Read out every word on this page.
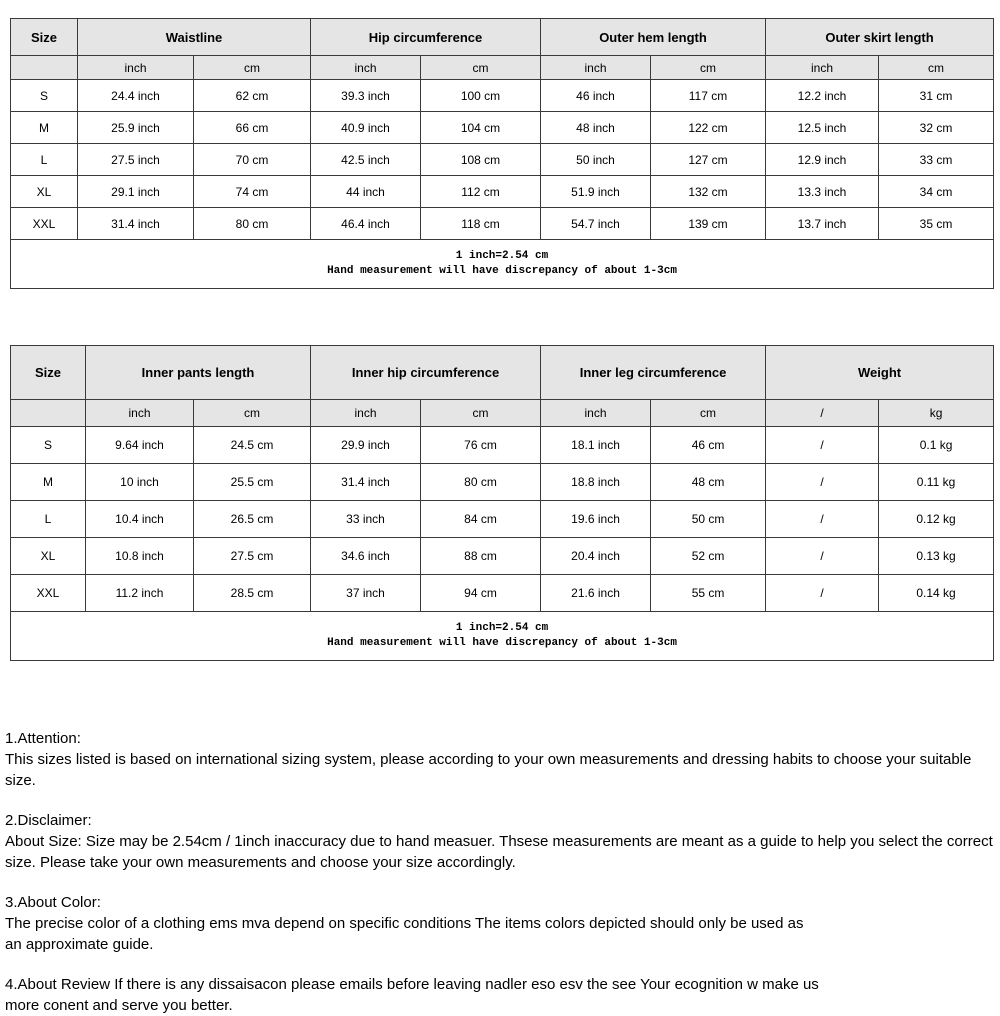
Size	Waistline		Hip circumference		Outer hem length		Outer skirt length	
	inch	cm	inch	cm	inch	cm	inch	cm
S	24.4 inch	62 cm	39.3 inch	100 cm	46 inch	117 cm	12.2 inch	31 cm
M	25.9 inch	66 cm	40.9 inch	104 cm	48 inch	122 cm	12.5 inch	32 cm
L	27.5 inch	70 cm	42.5 inch	108 cm	50 inch	127 cm	12.9 inch	33 cm
XL	29.1 inch	74 cm	44 inch	112 cm	51.9 inch	132 cm	13.3 inch	34 cm
XXL	31.4 inch	80 cm	46.4 inch	118 cm	54.7 inch	139 cm	13.7 inch	35 cm

1 inch=2.54 cm
Hand measurement will have discrepancy of about 1-3cm								
Size	Inner pants length		Inner hip circumference		Inner leg circumference		Weight	
	inch	cm	inch	cm	inch	cm	/	kg
S	9.64 inch	24.5 cm	29.9 inch	76 cm	18.1 inch	46 cm	/	0.1 kg
M	10 inch	25.5 cm	31.4 inch	80 cm	18.8 inch	48 cm	/	0.11 kg
L	10.4 inch	26.5 cm	33 inch	84 cm	19.6 inch	50 cm	/	0.12 kg
XL	10.8 inch	27.5 cm	34.6 inch	88 cm	20.4 inch	52 cm	/	0.13 kg
XXL	11.2 inch	28.5 cm	37 inch	94 cm	21.6 inch	55 cm	/	0.14 kg

1 inch=2.54 cm
Hand measurement will have discrepancy of about 1-3cm								

1.Attention:

This sizes listed is based on international sizing system, please according to your own measurements and dressing habits to choose your suitable size.

2.Disclaimer:

About Size: Size may be 2.54cm / 1inch inaccuracy due to hand measuer. Thsese measurements are meant as a guide to help you select the correct size. Please take your own measurements and choose your size accordingly.

3.About Color:

The precise color of a clothing ems mva depend on specific conditions The items colors depicted should only be used as an approximate guide.

4.About Review If there is any dissaisacon please emails before leaving nadler eso esv the see Your ecognition w make us more conent and serve you better.
